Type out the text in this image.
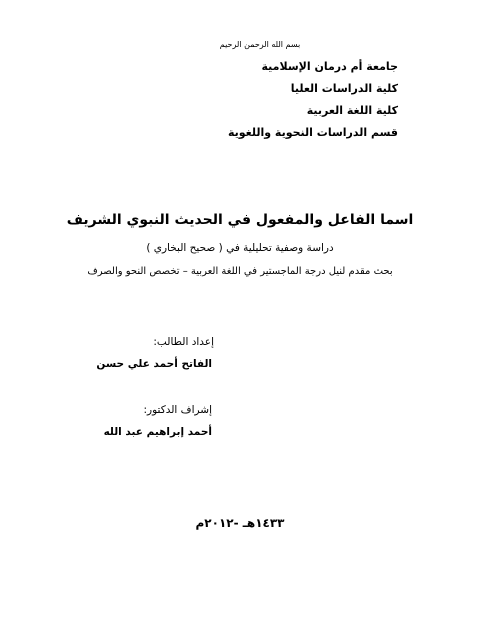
بسم الله الرحمن الرحيم
جامعة أم درمان الإسلامية
كلية الدراسات العليا
كلية اللغة العربية
قسم الدراسات النحوية واللغوية
اسما الفاعل والمفعول في الحديث النبوي الشريف
دراسة وصفية تحليلية في ( صحيح البخاري )
بحث مقدم لنيل درجة الماجستير في اللغة العربية – تخصص النحو والصرف
إعداد الطالب:
الفاتح أحمد علي حسن
إشراف الدكتور:
أحمد إبراهيم عبد الله
١٤٣٣هـ -٢٠١٢م
